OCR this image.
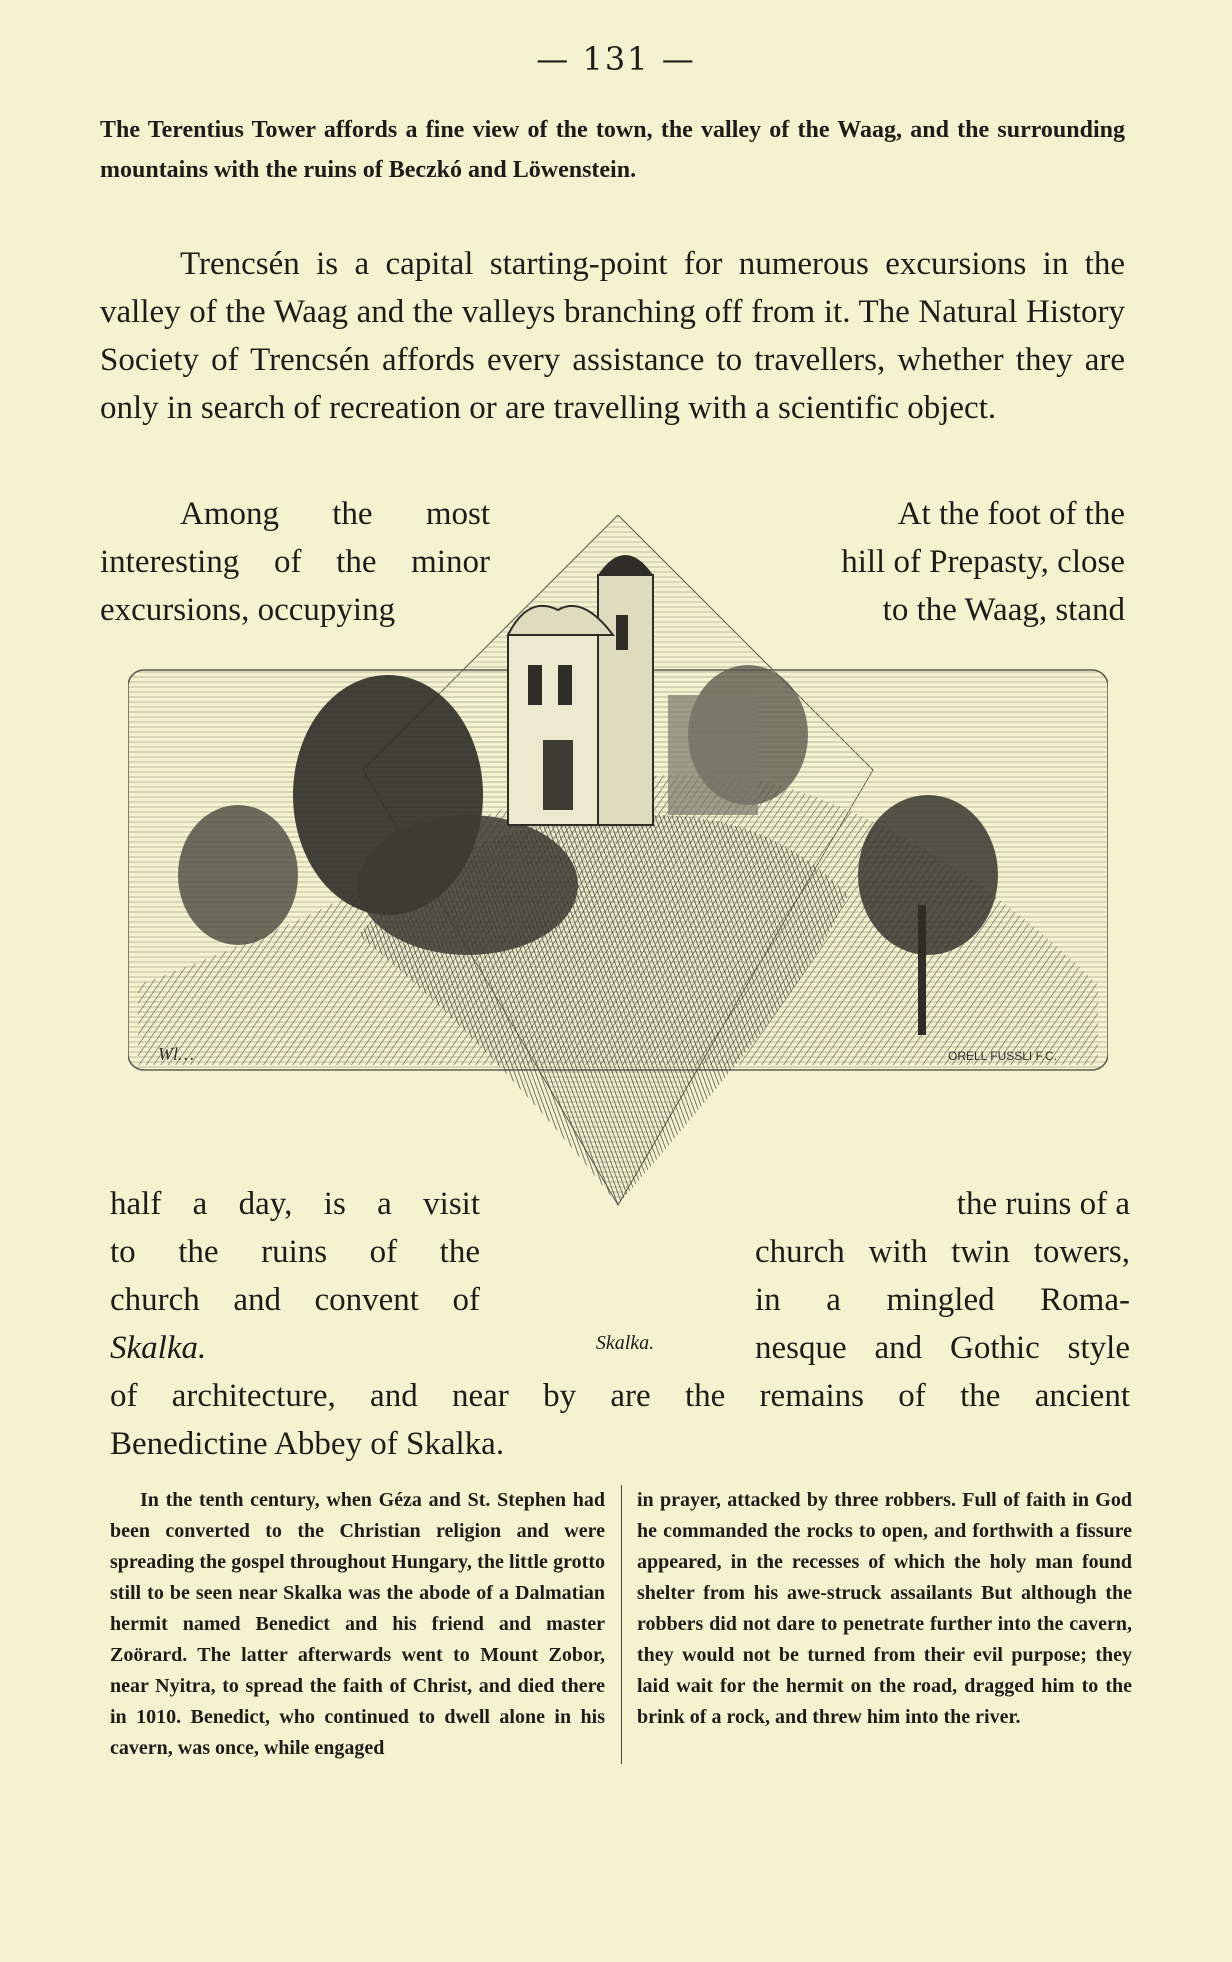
— 131 —
The Terentius Tower affords a fine view of the town, the valley of the Waag, and the surrounding mountains with the ruins of Beczkó and Löwenstein.
Trencsén is a capital starting-point for numerous excursions in the valley of the Waag and the valleys branching off from it. The Natural History Society of Trencsén affords every assistance to travellers, whether they are only in search of recreation or are travelling with a scientific object.
Among the most
interesting of the minor
excursions, occupying
At the foot of the
hill of Prepasty, close
to the Waag, stand
Wl…	ORELL FUSSLI F.C.
half a day, is a visit
to the ruins of the
church and convent of
Skalka.	Skalka.
the ruins of a
church with twin towers,
in a mingled Roma-
nesque and Gothic style
of architecture, and near by are the remains of the ancient
Benedictine Abbey of Skalka.
In the tenth century, when Géza and St. Stephen had been converted to the Christian religion and were spreading the gospel throughout Hungary, the little grotto still to be seen near Skalka was the abode of a Dalmatian hermit named Benedict and his friend and master Zoörard. The latter afterwards went to Mount Zobor, near Nyitra, to spread the faith of Christ, and died there in 1010. Benedict, who continued to dwell alone in his cavern, was once, while engaged
in prayer, attacked by three robbers. Full of faith in God he commanded the rocks to open, and forthwith a fissure appeared, in the recesses of which the holy man found shelter from his awe-struck assailants But although the robbers did not dare to penetrate further into the cavern, they would not be turned from their evil purpose; they laid wait for the hermit on the road, dragged him to the brink of a rock, and threw him into the river.
